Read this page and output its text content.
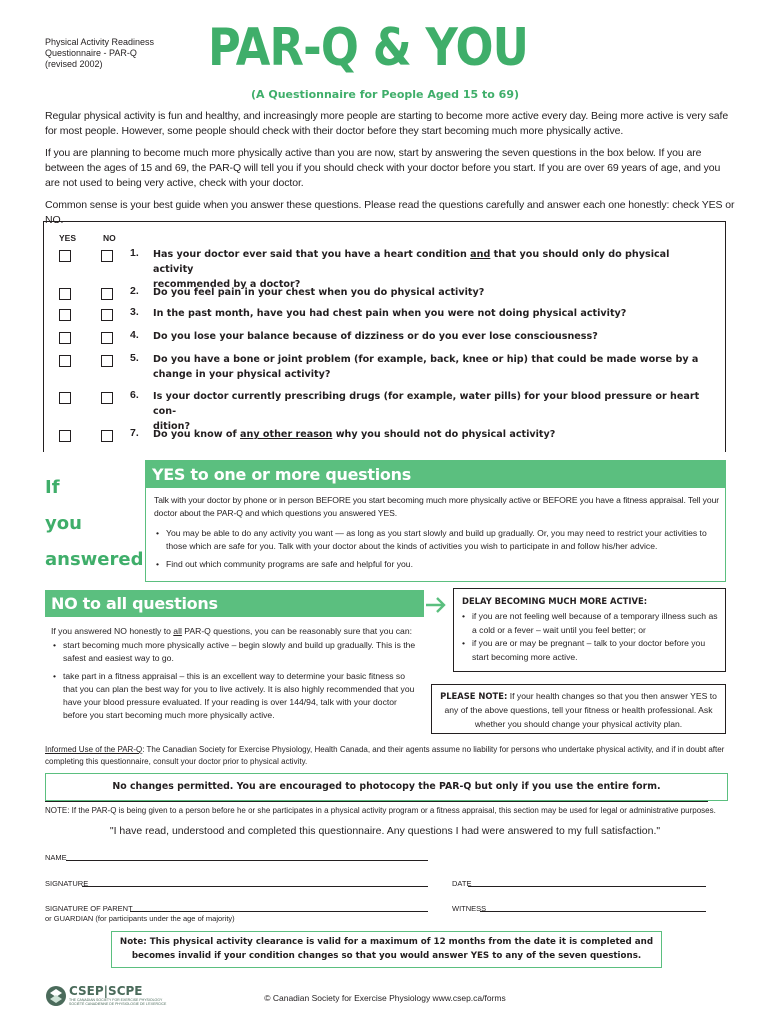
Physical Activity Readiness
Questionnaire - PAR-Q
(revised 2002)	PAR-Q & YOU
(A Questionnaire for People Aged 15 to 69)
Regular physical activity is fun and healthy, and increasingly more people are starting to become more active every day. Being more active is very safe for most people. However, some people should check with their doctor before they start becoming much more physically active.
If you are planning to become much more physically active than you are now, start by answering the seven questions in the box below. If you are between the ages of 15 and 69, the PAR-Q will tell you if you should check with your doctor before you start. If you are over 69 years of age, and you are not used to being very active, check with your doctor.
Common sense is your best guide when you answer these questions. Please read the questions carefully and answer each one honestly: check YES or NO.
YES	NO
1. Has your doctor ever said that you have a heart condition and that you should only do physical activity
recommended by a doctor?
2. Do you feel pain in your chest when you do physical activity?
3. In the past month, have you had chest pain when you were not doing physical activity?
4. Do you lose your balance because of dizziness or do you ever lose consciousness?
5. Do you have a bone or joint problem (for example, back, knee or hip) that could be made worse by a
change in your physical activity?
6. Is your doctor currently prescribing drugs (for example, water pills) for your blood pressure or heart con-
dition?
7. Do you know of any other reason why you should not do physical activity?
If
you
answered
YES to one or more questions
Talk with your doctor by phone or in person BEFORE you start becoming much more physically active or BEFORE you have a fitness appraisal. Tell your doctor about the PAR-Q and which questions you answered YES.
• You may be able to do any activity you want — as long as you start slowly and build up gradually. Or, you may need to restrict your activities to those which are safe for you. Talk with your doctor about the kinds of activities you wish to participate in and follow his/her advice.
• Find out which community programs are safe and helpful for you.
NO to all questions
If you answered NO honestly to all PAR-Q questions, you can be reasonably sure that you can:
• start becoming much more physically active – begin slowly and build up gradually. This is the safest and easiest way to go.
• take part in a fitness appraisal – this is an excellent way to determine your basic fitness so that you can plan the best way for you to live actively. It is also highly recommended that you have your blood pressure evaluated. If your reading is over 144/94, talk with your doctor before you start becoming much more physically active.
DELAY BECOMING MUCH MORE ACTIVE:
• if you are not feeling well because of a temporary illness such as a cold or a fever – wait until you feel better; or
• if you are or may be pregnant – talk to your doctor before you start becoming more active.
PLEASE NOTE: If your health changes so that you then answer YES to any of the above questions, tell your fitness or health professional. Ask whether you should change your physical activity plan.
Informed Use of the PAR-Q: The Canadian Society for Exercise Physiology, Health Canada, and their agents assume no liability for persons who undertake physical activity, and if in doubt after completing this questionnaire, consult your doctor prior to physical activity.
No changes permitted. You are encouraged to photocopy the PAR-Q but only if you use the entire form.
NOTE: If the PAR-Q is being given to a person before he or she participates in a physical activity program or a fitness appraisal, this section may be used for legal or administrative purposes.
"I have read, understood and completed this questionnaire. Any questions I had were answered to my full satisfaction."
NAME
SIGNATURE	DATE
SIGNATURE OF PARENT
or GUARDIAN (for participants under the age of majority)
WITNESS
Note: This physical activity clearance is valid for a maximum of 12 months from the date it is completed and
becomes invalid if your condition changes so that you would answer YES to any of the seven questions.
CSEP|SCPE
THE CANADIAN SOCIETY FOR EXERCISE PHYSIOLOGY
SOCIÉTÉ CANADIENNE DE PHYSIOLOGIE DE L'EXERCICE
© Canadian Society for Exercise Physiology www.csep.ca/forms
